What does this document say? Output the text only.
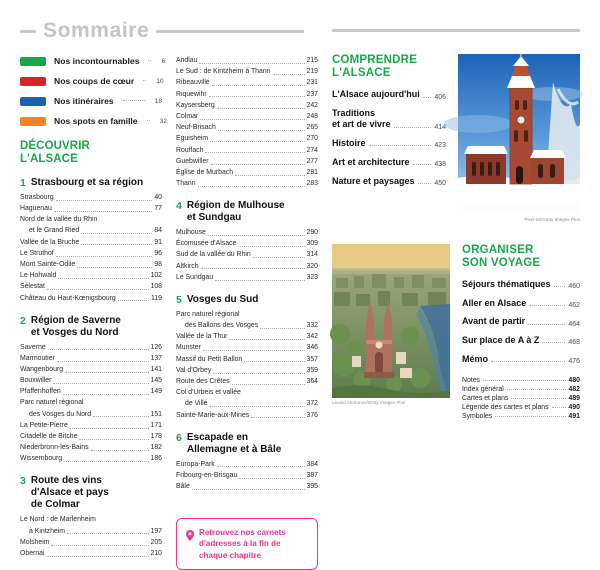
Sommaire
Nos incontournables	6
Nos coups de cœur	10
Nos itinéraires	18
Nos spots en famille	32
DÉCOUVRIR
L'ALSACE
1 Strasbourg et sa région
Strasbourg	40
Haguenau	77
Nord de la vallée du Rhin
et le Grand Ried	84
Vallée de la Bruche	91
Le Struthof	96
Mont Sainte-Odile	98
Le Hohwald	102
Sélestat	108
Château du Haut-Kœnigsbourg	119
2 Région de Saverne
et Vosges du Nord
Saverne	126
Marmoutier	137
Wangenbourg	141
Bouxwiller	145
Pfaffenhoffen	149
Parc naturel régional
des Vosges du Nord	151
La Petite-Pierre	171
Citadelle de Bitche	178
Niederbronn-les-Bains	182
Wissembourg	186
3 Route des vins
d'Alsace et pays
de Colmar
Le Nord : de Marlenheim
à Kintzheim	197
Molsheim	205
Obernai	210
Andlau	215
Le Sud : de Kintzheim à Thann	219
Ribeauvillé	231
Riquewihr	237
Kaysersberg	242
Colmar	248
Neuf-Brisach	265
Eguisheim	270
Rouffach	274
Guebwiller	277
Église de Murbach	281
Thann	283
4 Région de Mulhouse
et Sundgau
Mulhouse	290
Écomusée d'Alsace	309
Sud de la vallée du Rhin	314
Altkirch	320
Le Sundgau	323
5 Vosges du Sud
Parc naturel régional
des Ballons des Vosges	332
Vallée de la Thur	342
Munster	346
Massif du Petit Ballon	357
Val d'Orbey	359
Route des Crêtes	364
Col d'Urbeis et vallée
de Villé	372
Sainte-Marie-aux-Mines	376
6 Escapade en
Allemagne et à Bâle
Europa-Park	384
Fribourg-en-Brisgau	387
Bâle	395
Retrouvez nos carnets d'adresses à la fin de chaque chapitre
COMPRENDRE
L'ALSACE
L'Alsace aujourd'hui 406
Traditions
et art de vivre	414
Histoire	423
Art et architecture	438
Nature et paysages	450
Pixel-68/Getty Images Plus
Leonid Andronov/Getty Images Plus
ORGANISER
SON VOYAGE
Séjours thématiques	460
Aller en Alsace	462
Avant de partir	464
Sur place de A à Z	468
Mémo	476
Notes	480
Index général	482
Cartes et plans	489
Légende des cartes et plans	490
Symboles	491
